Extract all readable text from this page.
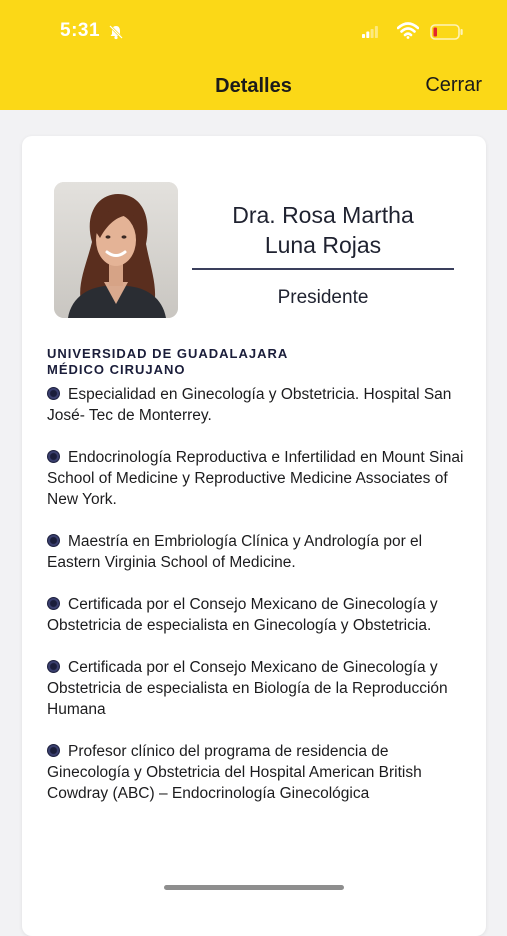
5:31
Detalles	Cerrar
Dra. Rosa Martha
Luna Rojas
Presidente
UNIVERSIDAD DE GUADALAJARA
MÉDICO CIRUJANO
Especialidad en Ginecología y Obstetricia. Hospital San José- Tec de Monterrey.
Endocrinología Reproductiva e Infertilidad en Mount Sinai School of Medicine y Reproductive Medicine Associates of New York.
Maestría en Embriología Clínica y Andrología por el Eastern Virginia School of Medicine.
Certificada por el Consejo Mexicano de Ginecología y Obstetricia de especialista en Ginecología y Obstetricia.
Certificada por el Consejo Mexicano de Ginecología y Obstetricia de especialista en Biología de la Reproducción Humana
Profesor clínico del programa de residencia de Ginecología y Obstetricia del Hospital American British Cowdray (ABC) – Endocrinología Ginecológica
